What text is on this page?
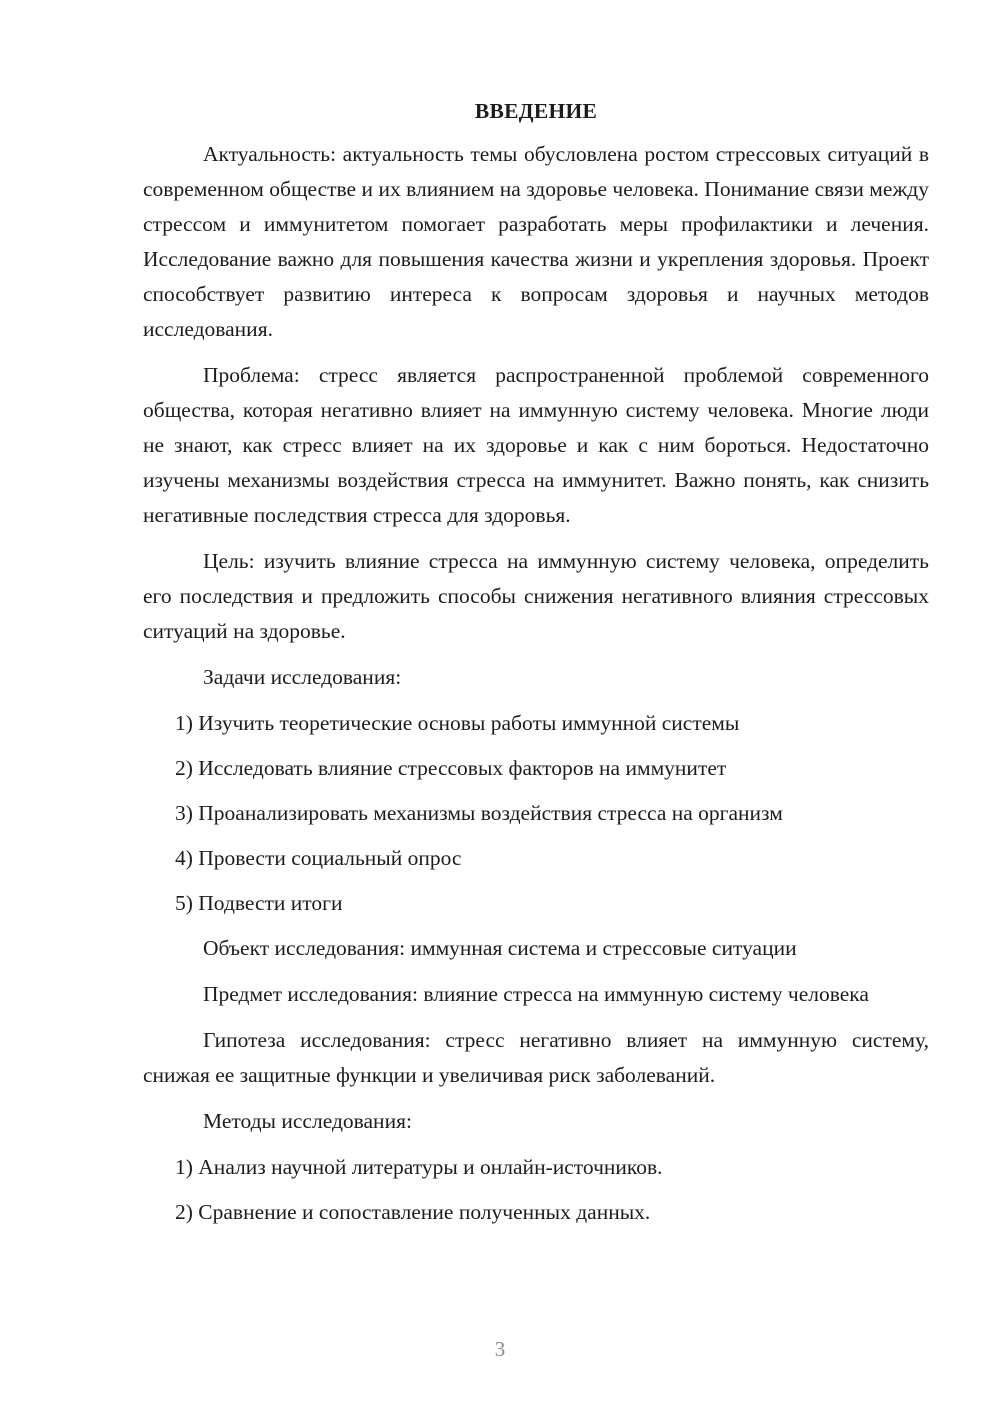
ВВЕДЕНИЕ
Актуальность: актуальность темы обусловлена ростом стрессовых ситуаций в современном обществе и их влиянием на здоровье человека. Понимание связи между стрессом и иммунитетом помогает разработать меры профилактики и лечения. Исследование важно для повышения качества жизни и укрепления здоровья. Проект способствует развитию интереса к вопросам здоровья и научных методов исследования.
Проблема: стресс является распространенной проблемой современного общества, которая негативно влияет на иммунную систему человека. Многие люди не знают, как стресс влияет на их здоровье и как с ним бороться. Недостаточно изучены механизмы воздействия стресса на иммунитет. Важно понять, как снизить негативные последствия стресса для здоровья.
Цель: изучить влияние стресса на иммунную систему человека, определить его последствия и предложить способы снижения негативного влияния стрессовых ситуаций на здоровье.
Задачи исследования:
1) Изучить теоретические основы работы иммунной системы
2) Исследовать влияние стрессовых факторов на иммунитет
3) Проанализировать механизмы воздействия стресса на организм
4) Провести социальный опрос
5) Подвести итоги
Объект исследования: иммунная система и стрессовые ситуации
Предмет исследования: влияние стресса на иммунную систему человека
Гипотеза исследования: стресс негативно влияет на иммунную систему, снижая ее защитные функции и увеличивая риск заболеваний.
Методы исследования:
1) Анализ научной литературы и онлайн-источников.
2) Сравнение и сопоставление полученных данных.
3
